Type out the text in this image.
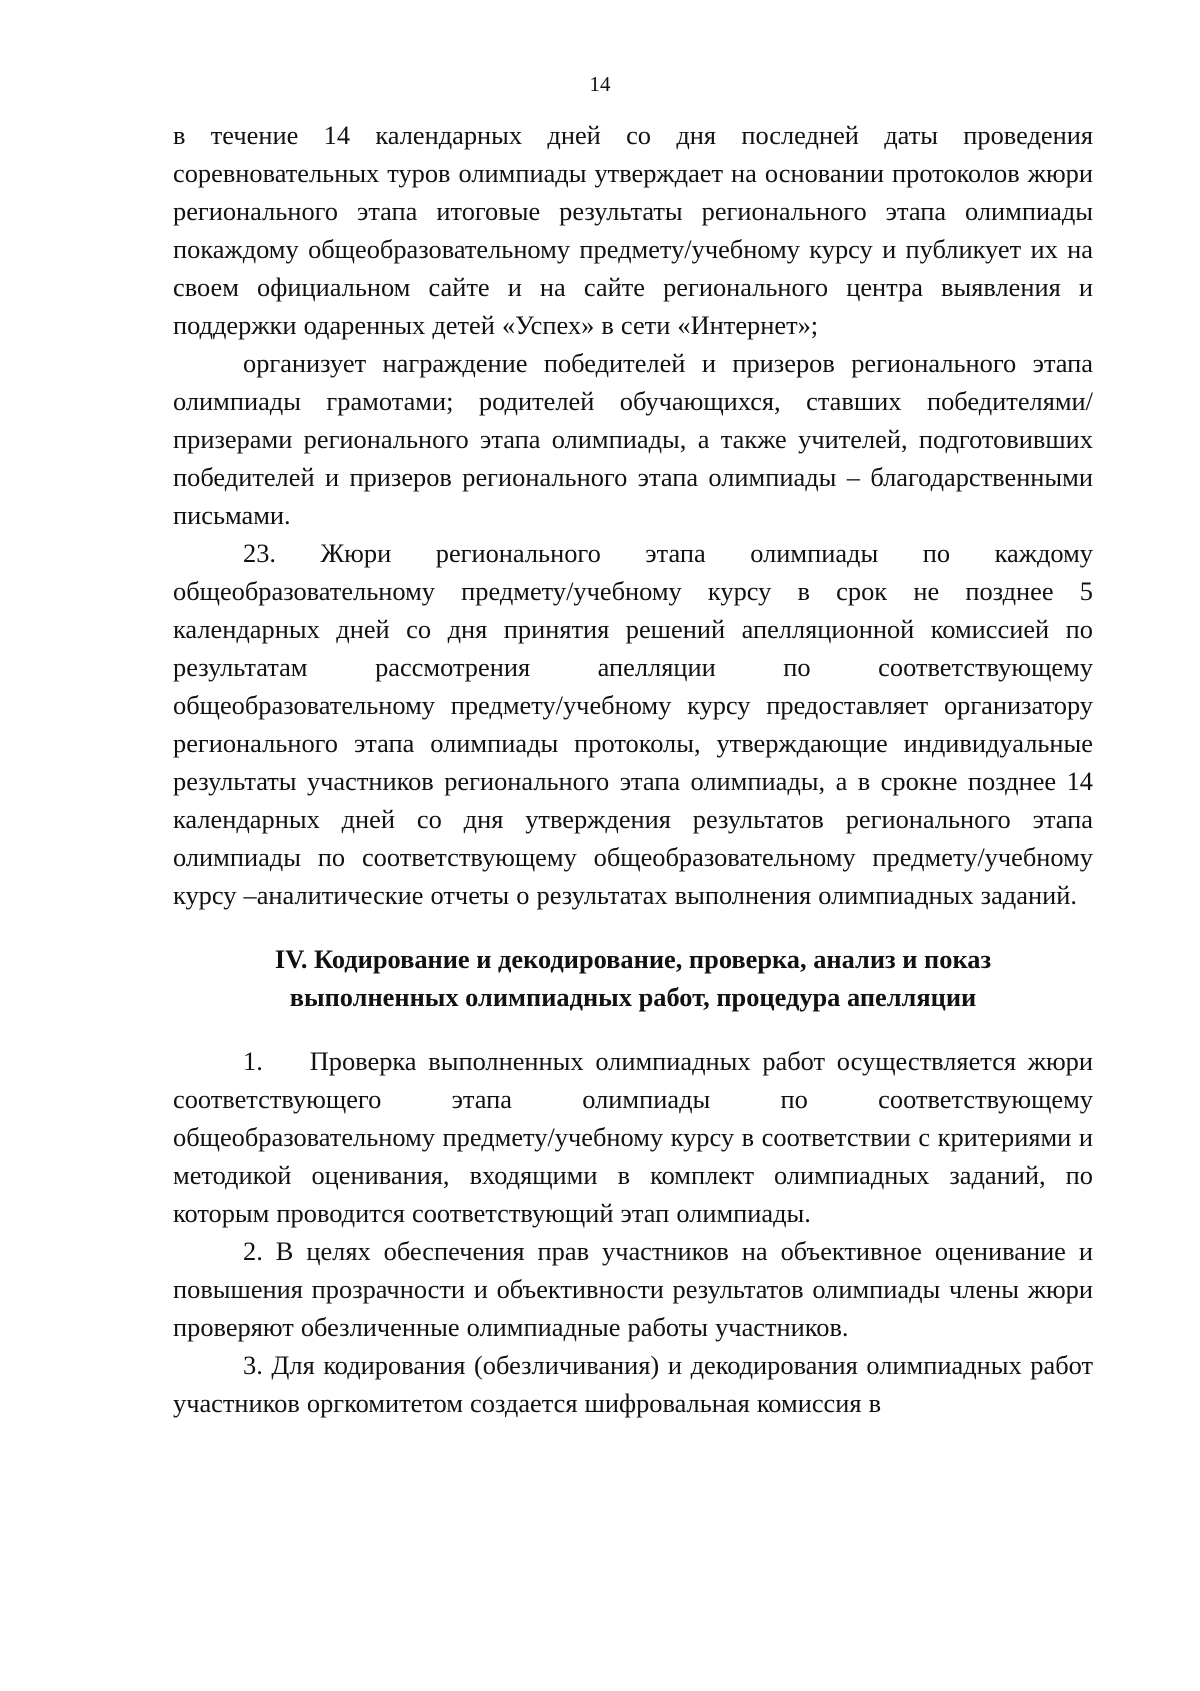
14

в течение 14 календарных дней со дня последней даты проведения соревновательных туров олимпиады утверждает на основании протоколов жюри регионального этапа итоговые результаты регионального этапа олимпиады покаждому общеобразовательному предмету/учебному курсу и публикует их на своем официальном сайте и на сайте регионального центра выявления и поддержки одаренных детей «Успех» в сети «Интернет»;

организует награждение победителей и призеров регионального этапа олимпиады грамотами; родителей обучающихся, ставших победителями/призерами регионального этапа олимпиады, а также учителей, подготовивших победителей и призеров регионального этапа олимпиады – благодарственными письмами.

23. Жюри регионального этапа олимпиады по каждому общеобразовательному предмету/учебному курсу в срок не позднее 5 календарных дней со дня принятия решений апелляционной комиссией по результатам рассмотрения апелляции по соответствующему общеобразовательному предмету/учебному курсу предоставляет организатору регионального этапа олимпиады протоколы, утверждающие индивидуальные результаты участников регионального этапа олимпиады, а в срокне позднее 14 календарных дней со дня утверждения результатов регионального этапа олимпиады по соответствующему общеобразовательному предмету/учебному курсу –аналитические отчеты о результатах выполнения олимпиадных заданий.

IV. Кодирование и декодирование, проверка, анализ и показ выполненных олимпиадных работ, процедура апелляции

1.    Проверка выполненных олимпиадных работ осуществляется жюри соответствующего этапа олимпиады по соответствующему общеобразовательному предмету/учебному курсу в соответствии с критериями и методикой оценивания, входящими в комплект олимпиадных заданий, по которым проводится соответствующий этап олимпиады.

2. В целях обеспечения прав участников на объективное оценивание и повышения прозрачности и объективности результатов олимпиады члены жюри проверяют обезличенные олимпиадные работы участников.

3. Для кодирования (обезличивания) и декодирования олимпиадных работ участников оргкомитетом создается шифровальная комиссия в
